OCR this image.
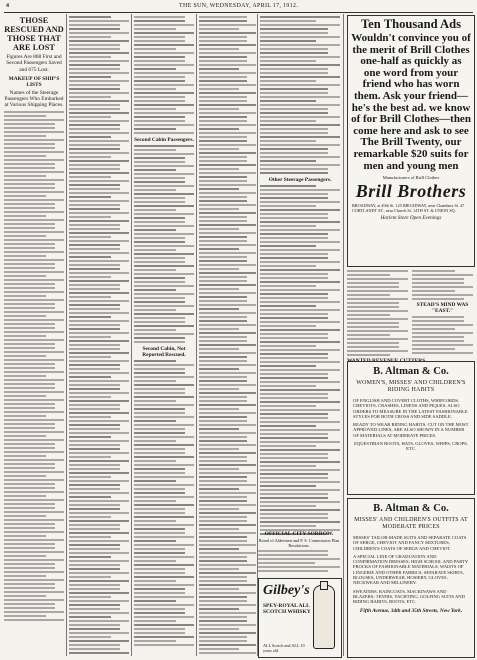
4	THE SUN, WEDNESDAY, APRIL 17, 1912.
THOSE RESCUED AND THOSE THAT ARE LOST
Figures Are 868 First and Second Passengers Saved and 675 Lost.
MAKEUP OF SHIP'S LISTS
Names of the Steerage Passengers Who Embarked at Various Shipping Places.
Second Cabin Passengers.
Second Cabin, Not Reported Rescued.
Other Steerage Passengers.
OFFICIAL CITY SORROW.
Board of Aldermen and P. S. Commission Plan Resolutions.
Gilbey's
SPEY-ROYAL ALL SCOTCH WHISKY
ALL Scotch and ALL 10 years old
Ten Thousand Ads
Wouldn't convince you of the merit of Brill Clothes one-half as quickly as one word from your friend who has worn them. Ask your friend—he's the best ad. we know of for Brill Clothes—then come here and ask to see The Brill Twenty, our remarkable $20 suits for men and young men
Manufacturers of Brill Clothes
Brill Brothers
BROADWAY, at 49th St. 125 BROADWAY, near Chambers St. 47 CORTLANDT ST., near Church St. 14TH ST. & UNION SQ.
Harlem Store Open Evenings
STEAD'S MIND WAS "EAST."
B. Altman & Co.
WOMEN'S, MISSES' AND CHILDREN'S RIDING HABITS
OF ENGLISH AND COVERT CLOTHS, WHIPCORDS, CHEVIOTS, CRASHES, LINENS AND PIQUES. ALSO ORDERS TO MEASURE IN THE LATEST FASHIONABLE STYLES FOR BOTH CROSS AND SIDE SADDLE.
READY TO WEAR RIDING HABITS, CUT ON THE MOST APPROVED LINES, ARE ALSO SHOWN IN A NUMBER OF MATERIALS AT MODERATE PRICES.
EQUESTRIAN BOOTS, HATS, GLOVES, WHIPS, CROPS, ETC.
B. Altman & Co.
MISSES' AND CHILDREN'S OUTFITS AT MODERATE PRICES
MISSES' TAILOR-MADE SUITS AND SEPARATE COATS OF SERGE, CHEVIOT AND FANCY MIXTURES; CHILDREN'S COATS OF SERGE AND CHEVIOT.
A SPECIAL LINE OF GRADUATION AND CONFIRMATION DRESSES; HIGH SCHOOL AND PARTY FROCKS OF FASHIONABLE MATERIALS; WAISTS OF LINGERIE AND OTHER FABRICS; SEPARATE SKIRTS, BLOUSES, UNDERWEAR, HOSIERY, GLOVES, NECKWEAR AND MILLINERY.
SWEATERS, RAINCOATS, MACKINAWS AND BLAZERS; TENNIS, YACHTING, GOLFING SUITS AND RIDING HABITS, BOOTS, ETC.
Fifth Avenue, 34th and 35th Streets, New York.
